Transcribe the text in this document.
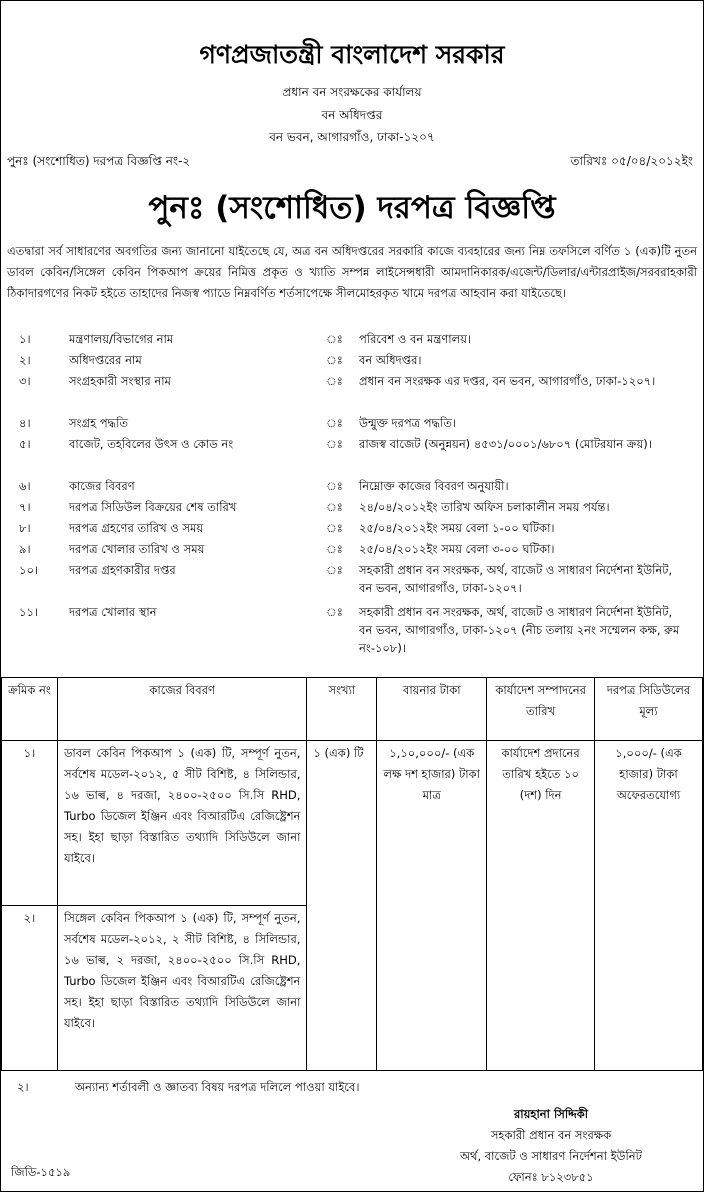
গণপ্রজাতন্ত্রী বাংলাদেশ সরকার
প্রধান বন সংরক্ষকের কার্যালয়
বন অধিদপ্তর
বন ভবন, আগারগাঁও, ঢাকা-১২০৭
পুনঃ (সংশোধিত) দরপত্র বিজ্ঞপ্তি নং-২	তারিখঃ ০৫/০৪/২০১২ইং
পুনঃ (সংশোধিত) দরপত্র বিজ্ঞপ্তি
এতদ্বারা সর্ব সাধারণের অবগতির জন্য জানানো যাইতেছে যে, অত্র বন অধিদপ্তরের সরকারি কাজে ব্যবহারের জন্য নিম্ন তফসিলে বর্ণিত ১ (এক)টি নুতন ডাবল কেবিন/সিঙ্গেল কেবিন পিকআপ ক্রয়ের নিমিত্ত প্রকৃত ও খ্যাতি সম্পন্ন লাইসেন্সধারী আমদানিকারক/এজেন্ট/ডিলার/এন্টারপ্রাইজ/সরবরাহকারী ঠিকাদারগণের নিকট হইতে তাহাদের নিজস্ব প্যাডে নিম্নবর্ণিত শর্তসাপেক্ষে সীলমোহরকৃত খামে দরপত্র আহবান করা যাইতেছে।
১।	মন্ত্রণালয়/বিভাগের নাম	ঃ পরিবেশ ও বন মন্ত্রণালয়।
২।	অধিদপ্তরের নাম	ঃ বন অধিদপ্তর।
৩।	সংগ্রহকারী সংস্থার নাম	ঃ প্রধান বন সংরক্ষক এর দপ্তর, বন ভবন, আগারগাঁও, ঢাকা-১২০৭।
৪।	সংগ্রহ পদ্ধতি	ঃ উন্মুক্ত দরপত্র পদ্ধতি।
৫।	বাজেট, তহবিলের উৎস ও কোড নং	ঃ রাজস্ব বাজেট (অনুন্নয়ন) ৪৫৩১/০০০১/৬৮০৭ (মোটরযান ক্রয়)।
৬।	কাজের বিবরণ	ঃ নিম্নোক্ত কাজের বিবরণ অনুযায়ী।
৭।	দরপত্র সিডিউল বিক্রয়ের শেষ তারিখ	ঃ ২৪/০৪/২০১২ইং তারিখ অফিস চলাকালীন সময় পর্যন্ত।
৮।	দরপত্র গ্রহণের তারিখ ও সময়	ঃ ২৫/০৪/২০১২ইং সময় বেলা ১-০০ ঘটিকা।
৯।	দরপত্র খোলার তারিখ ও সময়	ঃ ২৫/০৪/২০১২ইং সময় বেলা ৩-০০ ঘটিকা।
১০।	দরপত্র গ্রহণকারীর দপ্তর	ঃ সহকারী প্রধান বন সংরক্ষক, অর্থ, বাজেট ও সাধারণ নির্দেশনা ইউনিট, বন ভবন, আগারগাঁও, ঢাকা-১২০৭।
১১।	দরপত্র খোলার স্থান	ঃ সহকারী প্রধান বন সংরক্ষক, অর্থ, বাজেট ও সাধারণ নির্দেশনা ইউনিট, বন ভবন, আগারগাঁও, ঢাকা-১২০৭ (নীচ তলায় ২নং সম্মেলন কক্ষ, রুম নং-১০৮)।
ক্রমিক নং	কাজের বিবরণ	সংখ্যা	বায়নার টাকা	কার্যাদেশ সম্পাদনের তারিখ	দরপত্র সিডিউলের মূল্য
১।	ডাবল কেবিন পিকআপ ১ (এক) টি, সম্পূর্ণ নুতন, সর্বশেষ মডেল-২০১২, ৫ সীট বিশিষ্ট, ৪ সিলিন্ডার, ১৬ ভাল্ব, ৪ দরজা, ২৪০০-২৫০০ সি.সি RHD, Turbo ডিজেল ইঞ্জিন এবং বিআরটিএ রেজিষ্ট্রেশন সহ। ইহা ছাড়া বিস্তারিত তথ্যাদি সিডিউলে জানা যাইবে।	১ (এক) টি	১,১০,০০০/- (এক লক্ষ দশ হাজার) টাকা মাত্র	কার্যাদেশ প্রদানের তারিখ হইতে ১০ (দশ) দিন	১,০০০/- (এক হাজার) টাকা অফেরতযোগ্য
২।	সিঙ্গেল কেবিন পিকআপ ১ (এক) টি, সম্পূর্ণ নুতন, সর্বশেষ মডেল-২০১২, ২ সীট বিশিষ্ট, ৪ সিলিন্ডার, ১৬ ভাল্ব, ২ দরজা, ২৪০০-২৫০০ সি.সি RHD, Turbo ডিজেল ইঞ্জিন এবং বিআরটিএ রেজিষ্ট্রেশন সহ। ইহা ছাড়া বিস্তারিত তথ্যাদি সিডিউলে জানা যাইবে।				
২।	অন্যান্য শর্তাবলী ও জ্ঞাতব্য বিষয় দরপত্র দলিলে পাওয়া যাইবে।
রায়হানা সিদ্দিকী
সহকারী প্রধান বন সংরক্ষক
অর্থ, বাজেট ও সাধারণ নির্দেশনা ইউনিট
ফোনঃ ৮১২৩৮৫১
জিডি-১৫১৯
